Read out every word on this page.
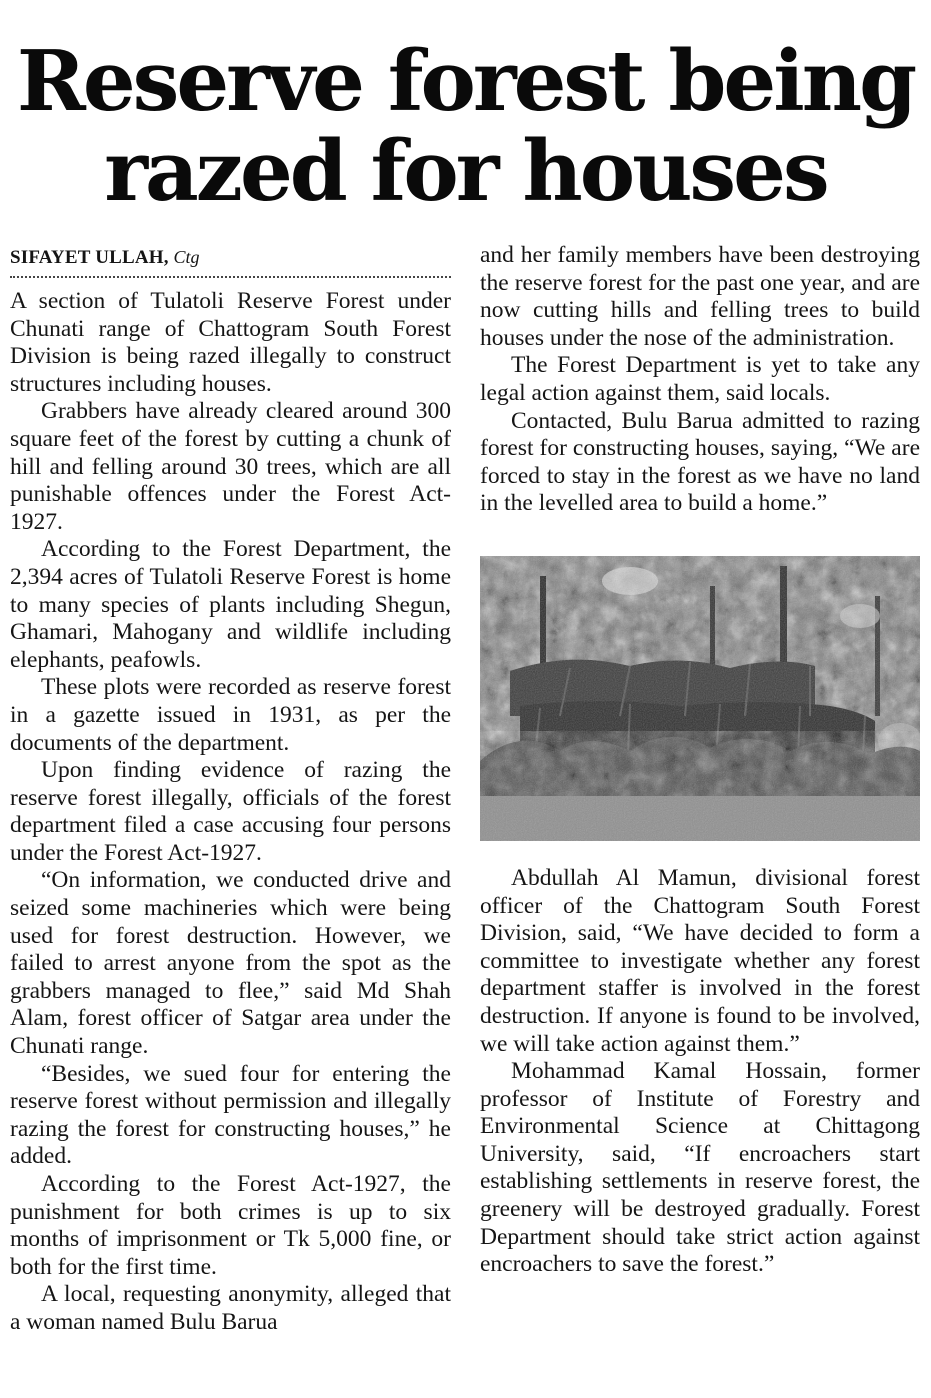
Reserve forest being
razed for houses
SIFAYET ULLAH, Ctg

A section of Tulatoli Reserve Forest under Chunati range of Chattogram South Forest Division is being razed illegally to construct structures including houses.

Grabbers have already cleared around 300 square feet of the forest by cutting a chunk of hill and felling around 30 trees, which are all punishable offences under the Forest Act-1927.

According to the Forest Department, the 2,394 acres of Tulatoli Reserve Forest is home to many species of plants including Shegun, Ghamari, Mahogany and wildlife including elephants, peafowls.

These plots were recorded as reserve forest in a gazette issued in 1931, as per the documents of the department.

Upon finding evidence of razing the reserve forest illegally, officials of the forest department filed a case accusing four persons under the Forest Act-1927.

“On information, we conducted drive and seized some machineries which were being used for forest destruction. However, we failed to arrest anyone from the spot as the grabbers managed to flee,” said Md Shah Alam, forest officer of Satgar area under the Chunati range.

“Besides, we sued four for entering the reserve forest without permission and illegally razing the forest for constructing houses,” he added.

According to the Forest Act-1927, the punishment for both crimes is up to six months of imprisonment or Tk 5,000 fine, or both for the first time.

A local, requesting anonymity, alleged that a woman named Bulu Barua

and her family members have been destroying the reserve forest for the past one year, and are now cutting hills and felling trees to build houses under the nose of the administration.

The Forest Department is yet to take any legal action against them, said locals.

Contacted, Bulu Barua admitted to razing forest for constructing houses, saying, “We are forced to stay in the forest as we have no land in the levelled area to build a home.”

Abdullah Al Mamun, divisional forest officer of the Chattogram South Forest Division, said, “We have decided to form a committee to investigate whether any forest department staffer is involved in the forest destruction. If anyone is found to be involved, we will take action against them.”

Mohammad Kamal Hossain, former professor of Institute of Forestry and Environmental Science at Chittagong University, said, “If encroachers start establishing settlements in reserve forest, the greenery will be destroyed gradually. Forest Department should take strict action against encroachers to save the forest.”
